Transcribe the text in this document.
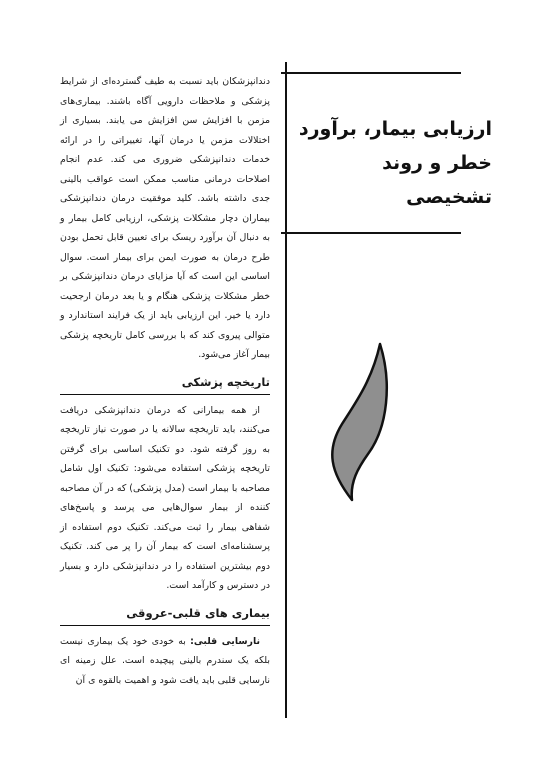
ارزیابی بیمار، برآورد
خطر و روند تشخیصی

دندانپزشکان باید نسبت به طیف گسترده‌ای از شرایط پزشکی و ملاحظات دارویی آگاه باشند. بیماری‌های مزمن با افزایش سن افزایش می یابند. بسیاری از اختلالات مزمن یا درمان آنها، تغییراتی را در ارائه خدمات دندانپزشکی ضروری می کند. عدم انجام اصلاحات درمانی مناسب ممکن است عواقب بالینی جدی داشته باشد. کلید موفقیت درمان دندانپزشکی بیماران دچار مشکلات پزشکی، ارزیابی کامل بیمار و به دنبال آن برآورد ریسک برای تعیین قابل تحمل بودن طرح درمان به صورت ایمن برای بیمار است. سوال اساسی این است که آیا مزایای درمان دندانپزشکی بر خطر مشکلات پزشکی هنگام و یا بعد درمان ارجحیت دارد یا خیر. این ارزیابی باید از یک فرایند استاندارد و متوالی پیروی کند که با بررسی کامل تاریخچه پزشکی بیمار آغاز می‌شود.

تاریخچه پزشکی

از همه بیمارانی که درمان دندانپزشکی دریافت می‌کنند، باید تاریخچه سالانه یا در صورت نیاز تاریخچه به روز گرفته شود. دو تکنیک اساسی برای گرفتن تاریخچه پزشکی استفاده می‌شود: تکنیک اول شامل مصاحبه با بیمار است (مدل پزشکی) که در آن مصاحبه کننده از بیمار سوال‌هایی می پرسد و پاسخ‌های شفاهی بیمار را ثبت می‌کند. تکنیک دوم استفاده از پرسشنامه‌ای است که بیمار آن را پر می کند. تکنیک دوم بیشترین استفاده را در دندانپزشکی دارد و بسیار در دسترس و کارآمد است.

بیماری های قلبی-عروقی

نارسایی قلبی: به خودی خود یک بیماری نیست بلکه یک سندرم بالینی پیچیده است. علل زمینه ای نارسایی قلبی باید یافت شود و اهمیت بالقوه ی آن
